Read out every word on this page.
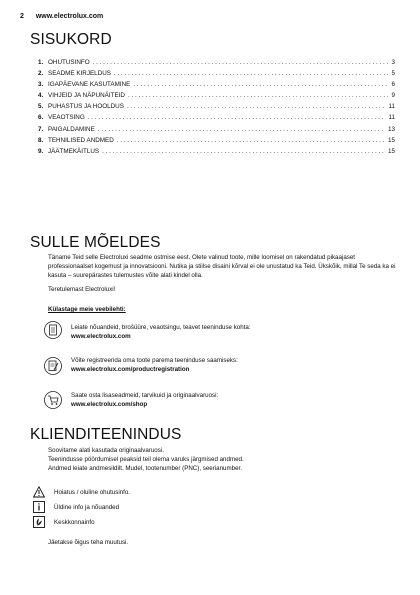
2 www.electrolux.com
SISUKORD
1. OHUTUSINFO . . .	3
2. SEADME KIRJELDUS . . .	5
3. IGAPÄEVANE KASUTAMINE . . .	6
4. VIHJEID JA NÄPUNÄITEID . . .	9
5. PUHASTUS JA HOOLDUS . . .	11
6. VEAOTSING . . .	11
7. PAIGALDAMINE . . .	13
8. TEHNILISED ANDMED . . .	15
9. JÄÄTMEKÄITLUS . . .	15
SULLE MÕELDES
Täname Teid selle Electroluxi seadme ostmise eest. Olete valinud toote, mille loomisel on rakendatud pikaajaset professionaalset kogemust ja innovatsiooni. Nutika ja stiilse disaini kõrval ei ole unustatud ka Teid. Ükskõik, millal Te seda ka ei kasuta – suurepärastes tulemustes võite alati kindel olla.
Teretulemast Electroluxi!
Külastage meie veebilehti:
Leiate nõuandeid, brošüüre, veaotsingu, teavet teeninduse kohta:
www.electrolux.com
Võite registreerida oma toote parema teeninduse saamiseks:
www.electrolux.com/productregistration
Saate osta lisaseadmeid, tarvikuid ja originaalvaruosi:
www.electrolux.com/shop
KLIENDITEENINDUS
Soovitame alati kasutada originaalvaruosi.
Teenindusse pöördumisel peaksid teil olema varuks järgmised andmed.
Andmed leiate andmesildilt. Mudel, tootenumber (PNC), seerianumber.
Hoiatus / oluline ohutusinfo.
Üldine info ja nõuanded
Keskkonnainfo
Jäetakse õigus teha muutusi.
